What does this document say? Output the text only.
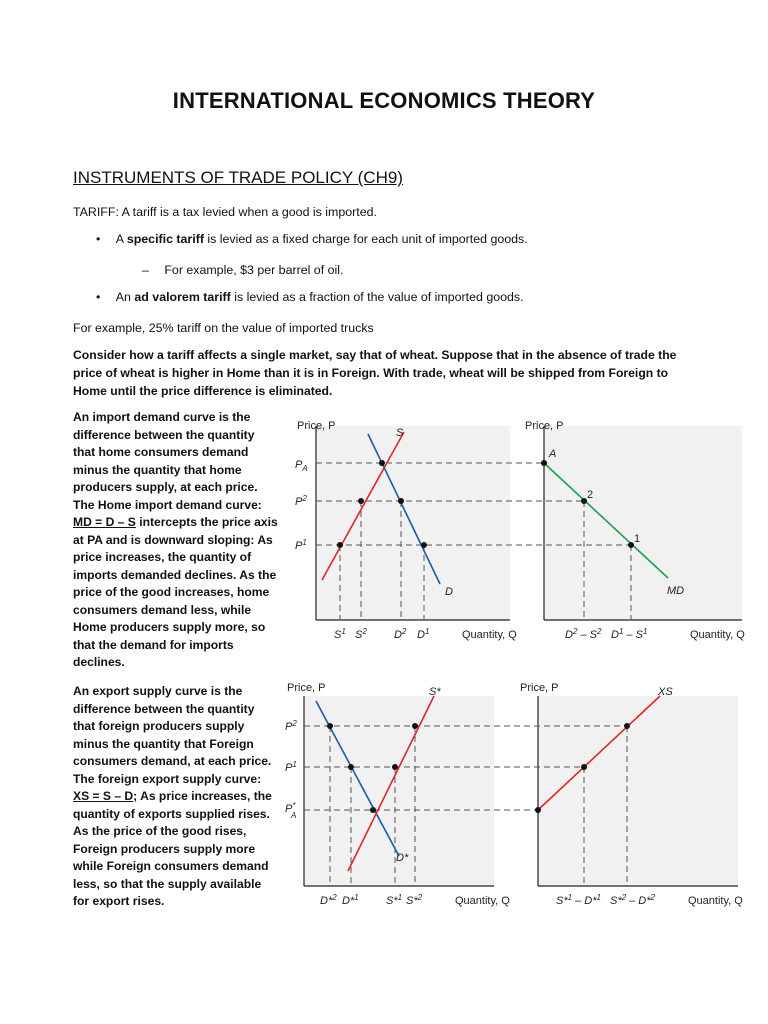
INTERNATIONAL ECONOMICS THEORY
INSTRUMENTS OF TRADE POLICY (CH9)
TARIFF: A tariff is a tax levied when a good is imported.
• A specific tariff is levied as a fixed charge for each unit of imported goods.
– For example, $3 per barrel of oil.
• An ad valorem tariff is levied as a fraction of the value of imported goods.
For example, 25% tariff on the value of imported trucks
Consider how a tariff affects a single market, say that of wheat. Suppose that in the absence of trade the
price of wheat is higher in Home than it is in Foreign. With trade, wheat will be shipped from Foreign to
Home until the price difference is eliminated.
An import demand curve is the
difference between the quantity
that home consumers demand
minus the quantity that home
producers supply, at each price.
The Home import demand curve:
MD = D – S intercepts the price axis
at PA and is downward sloping: As
price increases, the quantity of
imports demanded declines. As the
price of the good increases, home
consumers demand less, while
Home producers supply more, so
that the demand for imports
declines.
An export supply curve is the
difference between the quantity
that foreign producers supply
minus the quantity that Foreign
consumers demand, at each price.
The foreign export supply curve:
XS = S – D; As price increases, the
quantity of exports supplied rises.
As the price of the good rises,
Foreign producers supply more
while Foreign consumers demand
less, so that the supply available
for export rises.
Price, P	Price, P
S
D	MD
$P_A$
$P^2$
$P^1$
A
2
1
$S^1$ $S^2$ $D^2$ $D^1$	Quantity, Q	$D^2 - S^2$ $D^1 - S^1$	Quantity, Q
Price, P	Price, P
S*
D*
XS
$P^2$
$P^1$
P* A
D*$^2$ D*$^1$ S*$^1$ S*$^2$	Quantity, Q	S*$^1$ – D*$^1$ S*$^2$ – D*$^2$	Quantity, Q
